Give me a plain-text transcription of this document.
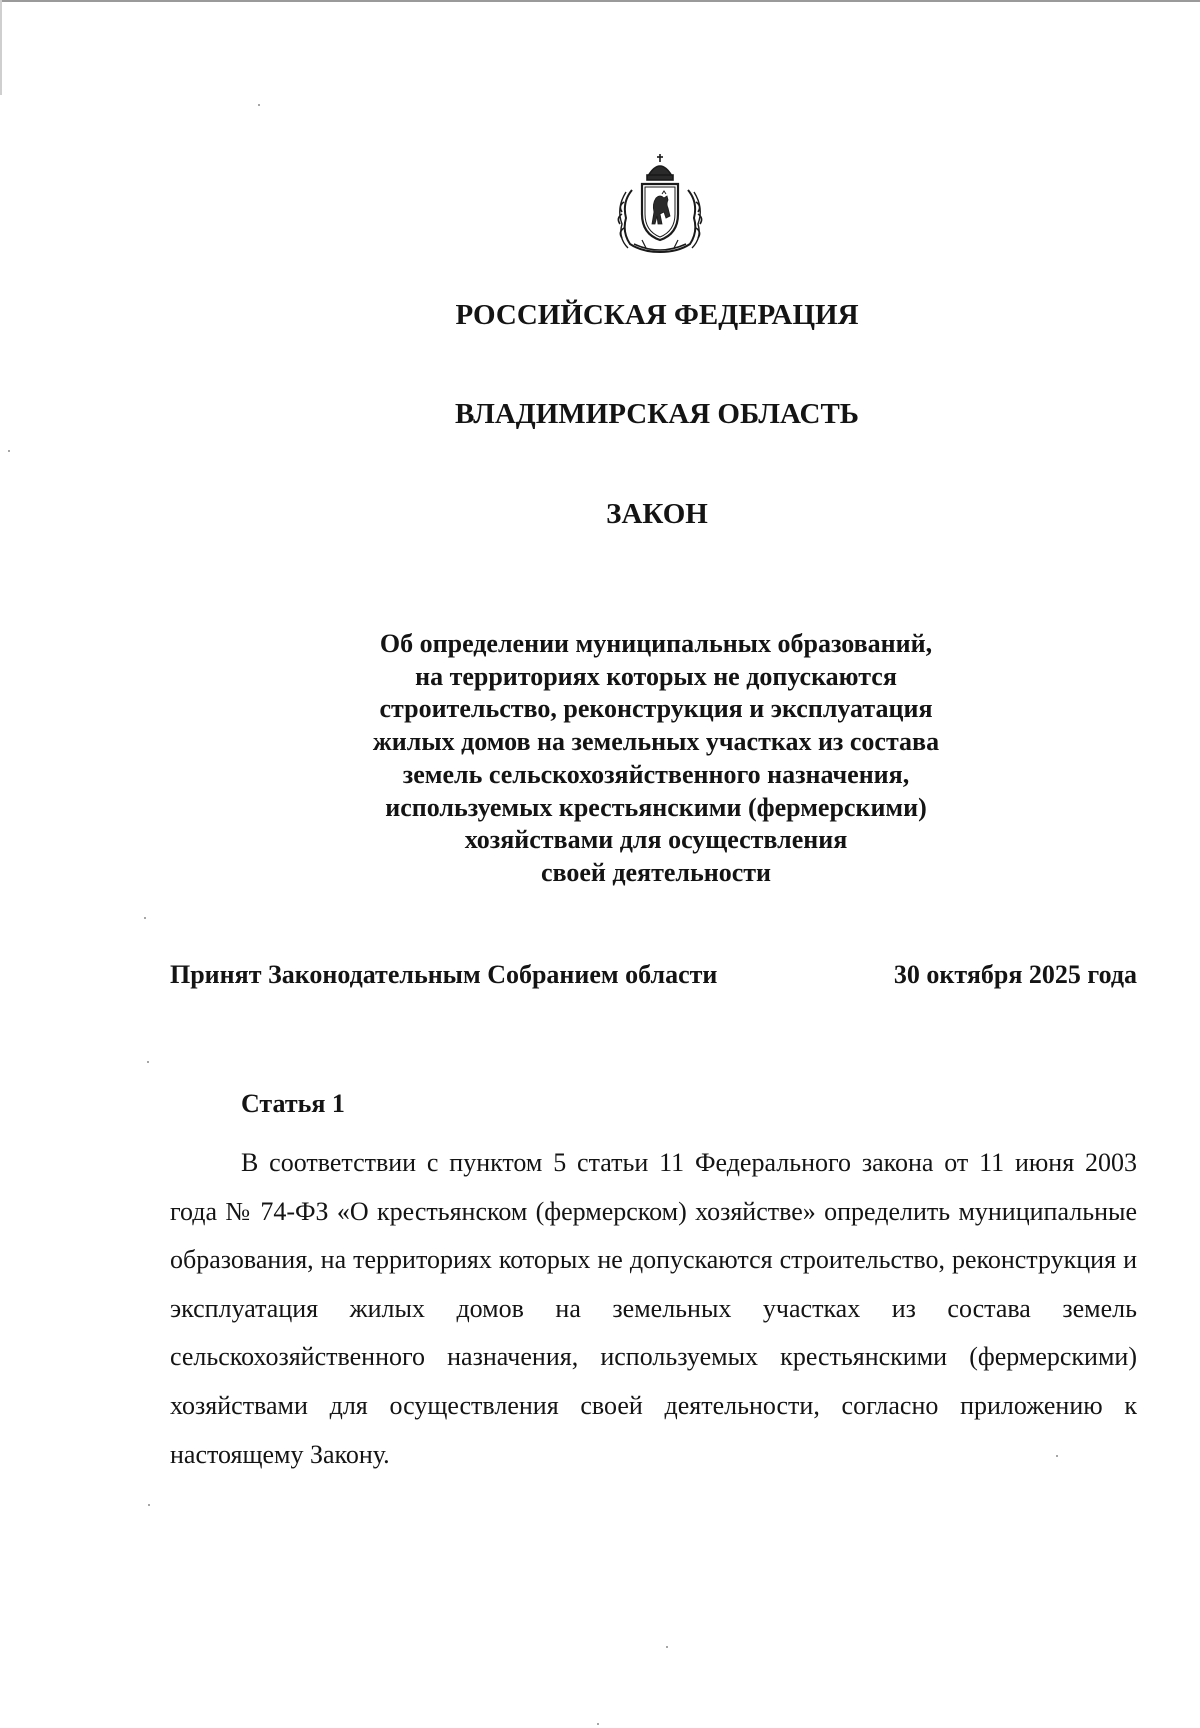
РОССИЙСКАЯ ФЕДЕРАЦИЯ
ВЛАДИМИРСКАЯ ОБЛАСТЬ
ЗАКОН

Об определении муниципальных образований,
на территориях которых не допускаются
строительство, реконструкция и эксплуатация
жилых домов на земельных участках из состава
земель сельскохозяйственного назначения,
используемых крестьянскими (фермерскими)
хозяйствами для осуществления
своей деятельности

Принят Законодательным Собранием области	30 октября 2025 года
Статья 1

В соответствии с пунктом 5 статьи 11 Федерального закона от 11 июня 2003 года № 74-ФЗ «О крестьянском (фермерском) хозяйстве» определить муниципальные образования, на территориях которых не допускаются строительство, реконструкция и эксплуатация жилых домов на земельных участках из состава земель сельскохозяйственного назначения, используемых крестьянскими (фермерскими) хозяйствами для осуществления своей деятельности, согласно приложению к настоящему Закону.
